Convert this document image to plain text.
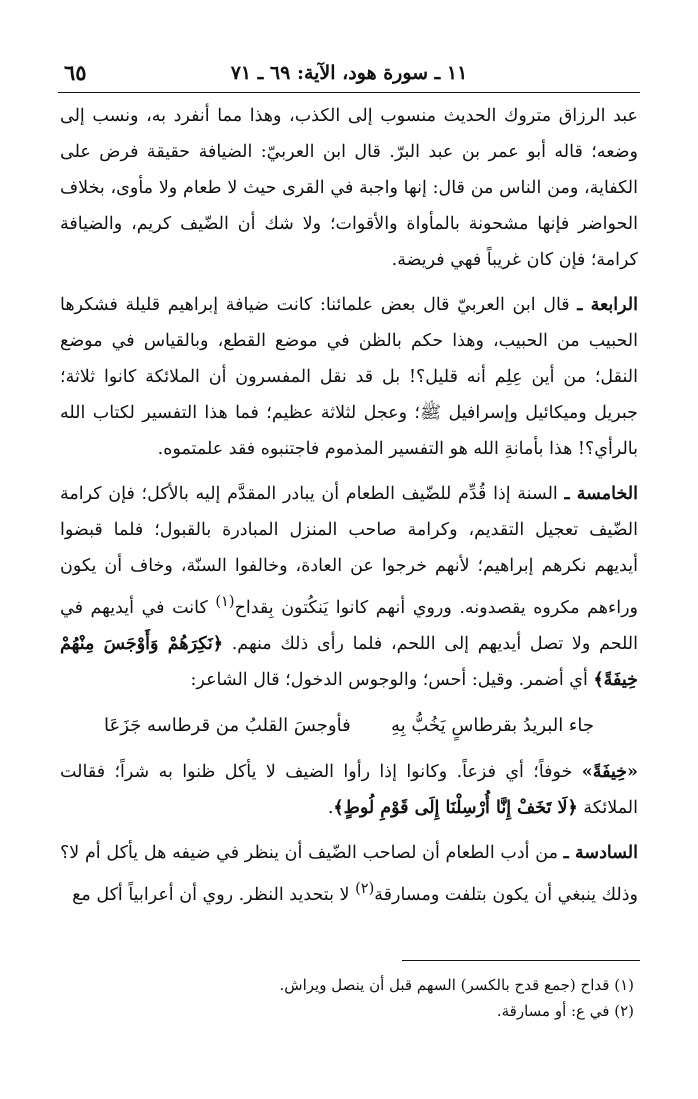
٦٥	١١ ـ سورة هود، الآية: ٦٩ ـ ٧١

عبد الرزاق متروك الحديث منسوب إلى الكذب، وهذا مما أنفرد به، ونسب إلى وضعه؛ قاله أبو عمر بن عبد البرّ. قال ابن العربيّ: الضيافة حقيقة فرض على الكفاية، ومن الناس من قال: إنها واجبة في القرى حيث لا طعام ولا مأوى، بخلاف الحواضر فإنها مشحونة بالمأواة والأقوات؛ ولا شك أن الضّيف كريم، والضيافة كرامة؛ فإن كان غريباً فهي فريضة.

الرابعة ـ قال ابن العربيّ قال بعض علمائنا: كانت ضيافة إبراهيم قليلة فشكرها الحبيب من الحبيب، وهذا حكم بالظن في موضع القطع، وبالقياس في موضع النقل؛ من أين عِلِم أنه قليل؟! بل قد نقل المفسرون أن الملائكة كانوا ثلاثة؛ جبريل وميكائيل وإسرافيل ﷺ؛ وعجل لثلاثة عظيم؛ فما هذا التفسير لكتاب الله بالرأي؟! هذا بأمانةِ الله هو التفسير المذموم فاجتنبوه فقد علمتموه.

الخامسة ـ السنة إذا قُدِّم للضّيف الطعام أن يبادر المقدَّم إليه بالأكل؛ فإن كرامة الضّيف تعجيل التقديم، وكرامة صاحب المنزل المبادرة بالقبول؛ فلما قبضوا أيديهم نكرهم إبراهيم؛ لأنهم خرجوا عن العادة، وخالفوا السنّة، وخاف أن يكون وراءهم مكروه يقصدونه. وروي أنهم كانوا يَنكُتون بِقداح$^{(١)}$ كانت في أيديهم في اللحم ولا تصل أيديهم إلى اللحم، فلما رأى ذلك منهم. ﴿نَكِرَهُمْ وَأَوْجَسَ مِنْهُمْ خِيفَةً﴾ أي أضمر. وقيل: أحس؛ والوجوس الدخول؛ قال الشاعر:

جاء البريدُ بقرطاسٍ يَخُبُّ بِهِ
فأوجسَ القلبُ من قرطاسه جَزَعَا

«خِيفَةً» خوفاً؛ أي فزعاً. وكانوا إذا رأوا الضيف لا يأكل ظنوا به شراً؛ فقالت الملائكة ﴿لَا تَخَفْ إِنَّا أُرْسِلْنَا إِلَى قَوْمِ لُوطٍ﴾.

السادسة ـ من أدب الطعام أن لصاحب الضّيف أن ينظر في ضيفه هل يأكل أم لا؟ وذلك ينبغي أن يكون بتلفت ومسارقة$^{(٢)}$ لا بتحديد النظر. روي أن أعرابياً أكل مع

(١) قداح (جمع قدح بالكسر) السهم قبل أن ينصل ويراش.

(٢) في ع: أو مسارقة.
